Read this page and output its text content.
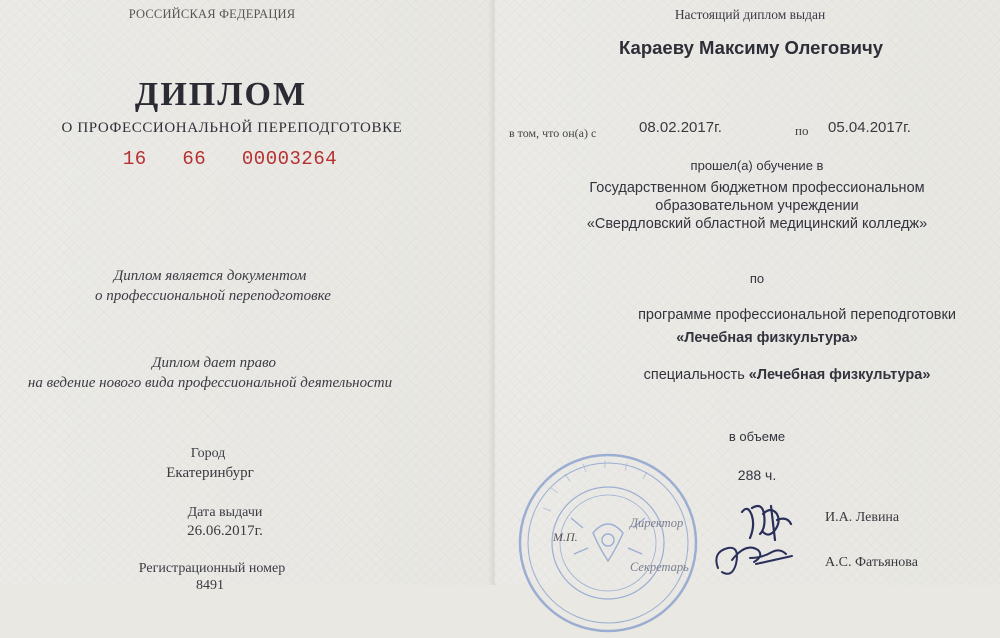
РОССИЙСКАЯ ФЕДЕРАЦИЯ
ДИПЛОМ
О ПРОФЕССИОНАЛЬНОЙ ПЕРЕПОДГОТОВКЕ
16   66   00003264
Диплом является документом
о профессиональной переподготовке
Диплом дает право
на ведение нового вида профессиональной деятельности
Город
Екатеринбург
Дата выдачи
26.06.2017г.
Регистрационный номер
8491
Настоящий диплом выдан
Караеву Максиму Олеговичу
в том, что он(а) с	08.02.2017г.	по 05.04.2017г.
прошел(а) обучение в
Государственном бюджетном профессиональном
образовательном учреждении
«Свердловский областной медицинский колледж»
по
программе профессиональной переподготовки
«Лечебная физкультура»
специальность «Лечебная физкультура»
в объеме
288 ч.
М.П.
Директор
Секретарь
И.А. Левина
А.С. Фатьянова
